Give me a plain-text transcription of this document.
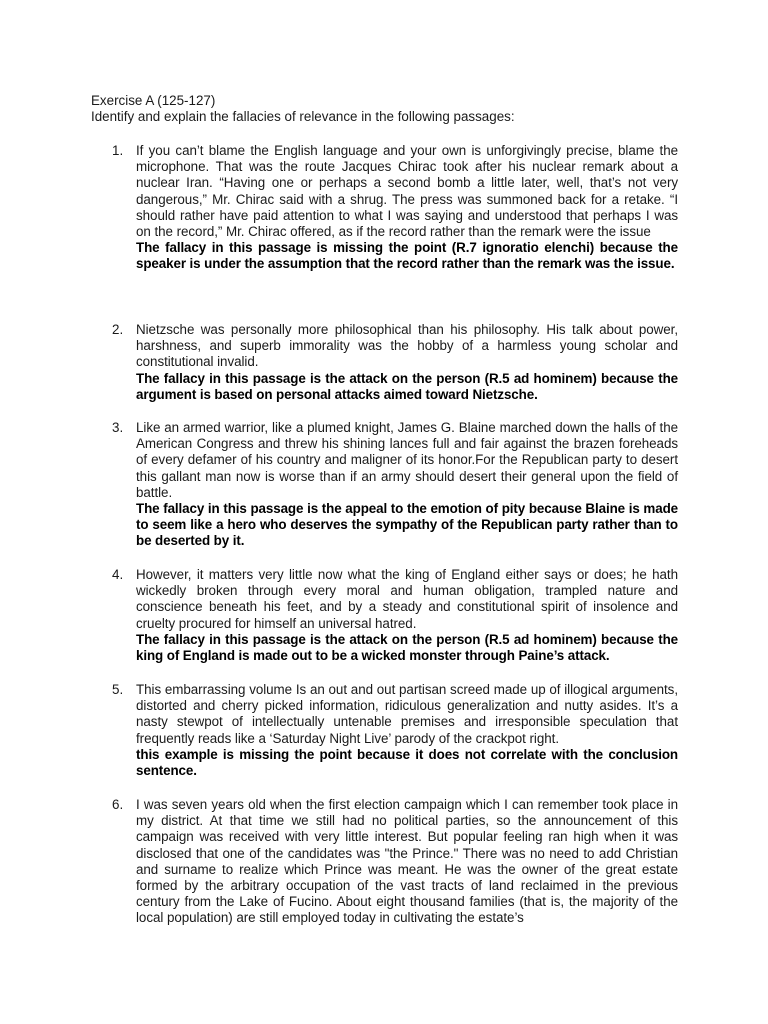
Exercise A (125-127)

Identify and explain the fallacies of relevance in the following passages:

1. If you can’t blame the English language and your own is unforgivingly precise, blame the microphone. That was the route Jacques Chirac took after his nuclear remark about a nuclear Iran. “Having one or perhaps a second bomb a little later, well, that’s not very dangerous,” Mr. Chirac said with a shrug. The press was summoned back for a retake. “I should rather have paid attention to what I was saying and understood that perhaps I was on the record,” Mr. Chirac offered, as if the record rather than the remark were the issue

The fallacy in this passage is missing the point (R.7 ignoratio elenchi) because the speaker is under the assumption that the record rather than the remark was the issue.

2. Nietzsche was personally more philosophical than his philosophy. His talk about power, harshness, and superb immorality was the hobby of a harmless young scholar and constitutional invalid.

The fallacy in this passage is the attack on the person (R.5 ad hominem) because the argument is based on personal attacks aimed toward Nietzsche.

3. Like an armed warrior, like a plumed knight, James G. Blaine marched down the halls of the American Congress and threw his shining lances full and fair against the brazen foreheads of every defamer of his country and maligner of its honor.For the Republican party to desert this gallant man now is worse than if an army should desert their general upon the field of battle.

The fallacy in this passage is the appeal to the emotion of pity because Blaine is made to seem like a hero who deserves the sympathy of the Republican party rather than to be deserted by it.

4. However, it matters very little now what the king of England either says or does; he hath wickedly broken through every moral and human obligation, trampled nature and conscience beneath his feet, and by a steady and constitutional spirit of insolence and cruelty procured for himself an universal hatred.

The fallacy in this passage is the attack on the person (R.5 ad hominem) because the king of England is made out to be a wicked monster through Paine’s attack.

5. This embarrassing volume Is an out and out partisan screed made up of illogical arguments, distorted and cherry picked information, ridiculous generalization and nutty asides. It’s a nasty stewpot of intellectually untenable premises and irresponsible speculation that frequently reads like a ‘Saturday Night Live’ parody of the crackpot right.

this example is missing the point because it does not correlate with the conclusion sentence.

6. I was seven years old when the first election campaign which I can remember took place in my district. At that time we still had no political parties, so the announcement of this campaign was received with very little interest. But popular feeling ran high when it was disclosed that one of the candidates was "the Prince." There was no need to add Christian and surname to realize which Prince was meant. He was the owner of the great estate formed by the arbitrary occupation of the vast tracts of land reclaimed in the previous century from the Lake of Fucino. About eight thousand families (that is, the majority of the local population) are still employed today in cultivating the estate’s
